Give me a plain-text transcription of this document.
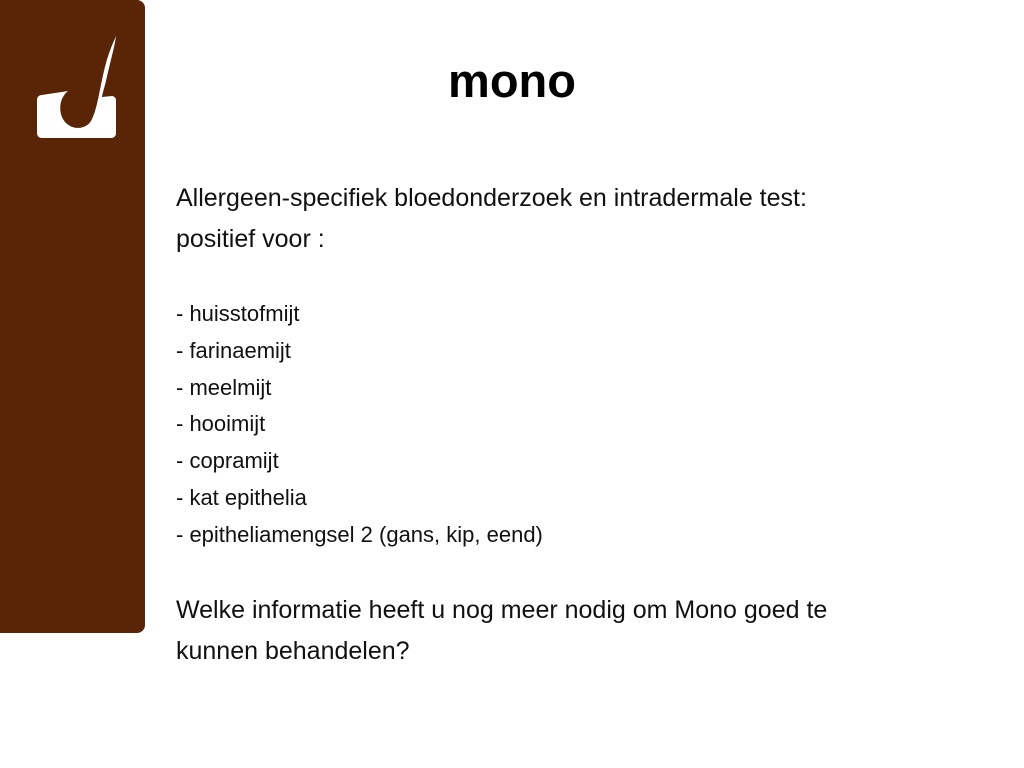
mono

Allergeen-specifiek bloedonderzoek en intradermale test:
positief voor :

- huisstofmijt
- farinaemijt
- meelmijt
- hooimijt
- copramijt
- kat epithelia
- epitheliamengsel 2 (gans, kip, eend)

Welke informatie heeft u nog meer nodig om Mono goed te
kunnen behandelen?
